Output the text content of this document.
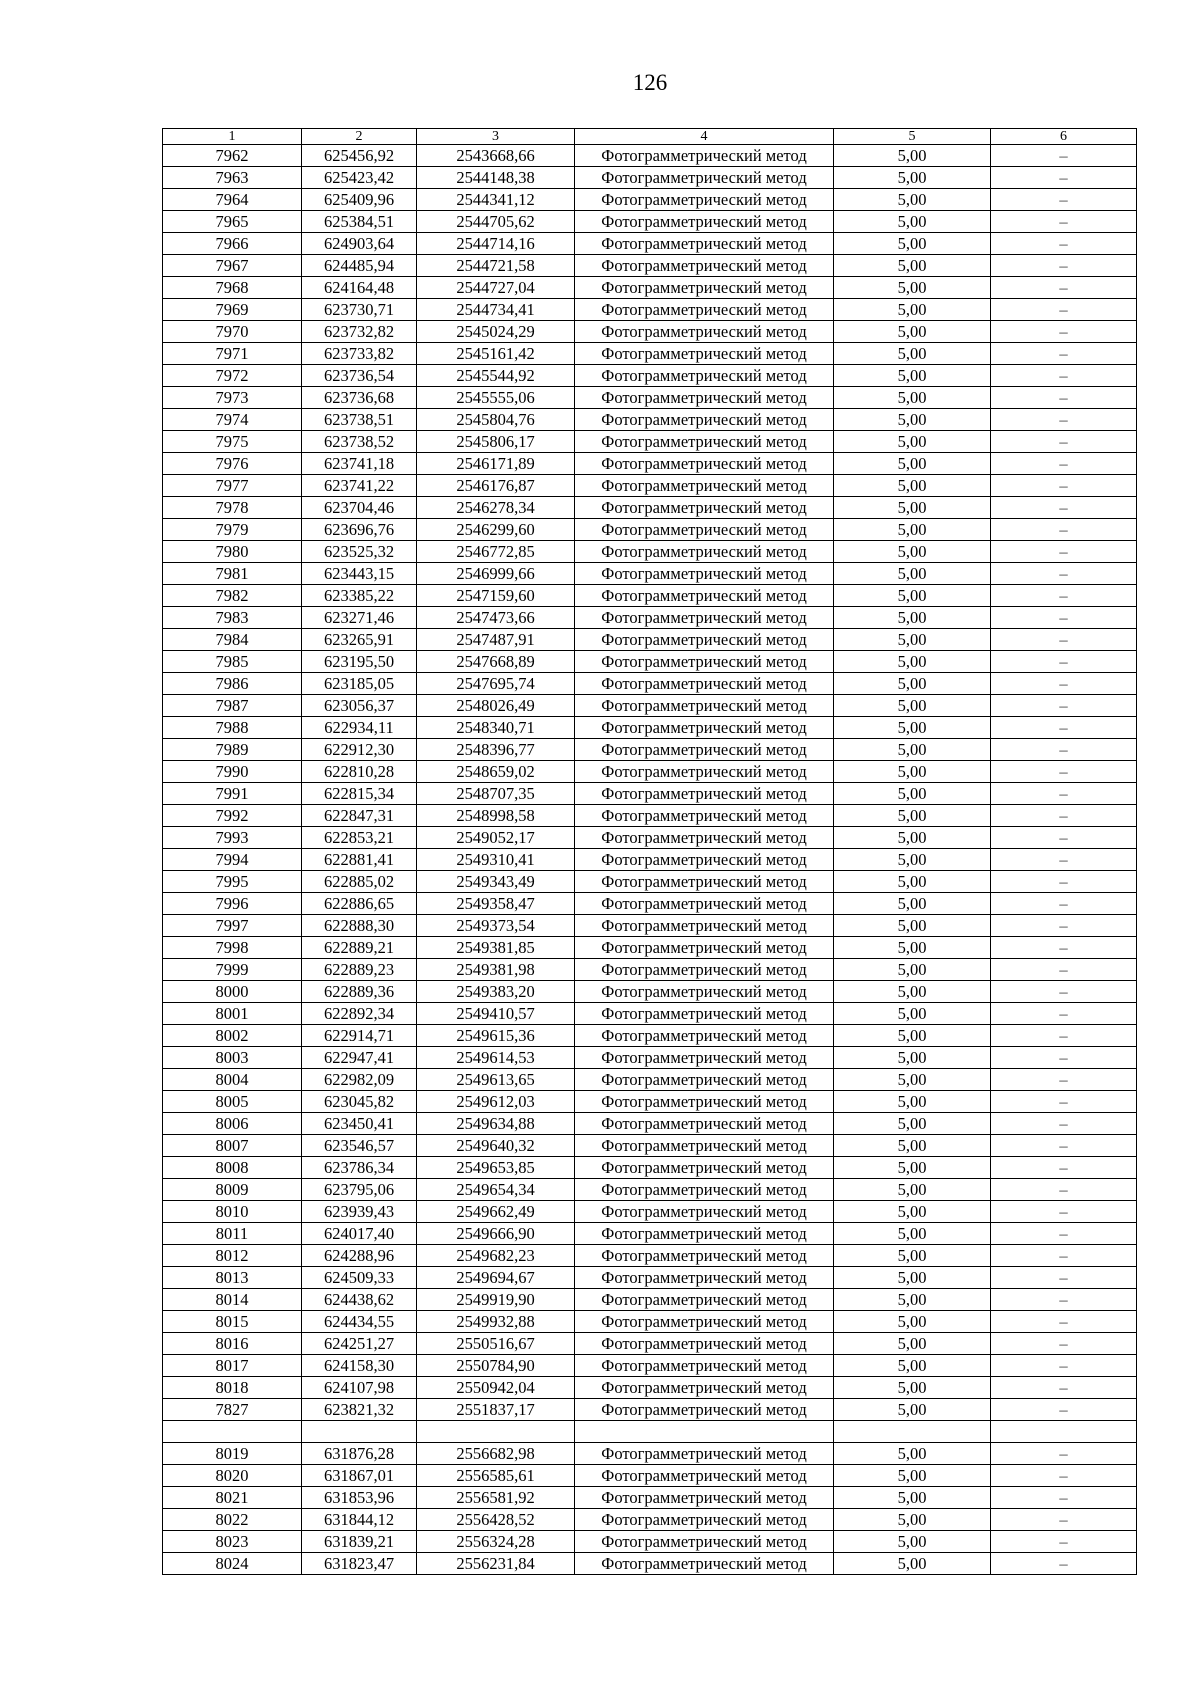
126
1	2	3	4	5	6
7962	625456,92	2543668,66	Фотограмметрический метод	5,00	–
7963	625423,42	2544148,38	Фотограмметрический метод	5,00	–
7964	625409,96	2544341,12	Фотограмметрический метод	5,00	–
7965	625384,51	2544705,62	Фотограмметрический метод	5,00	–
7966	624903,64	2544714,16	Фотограмметрический метод	5,00	–
7967	624485,94	2544721,58	Фотограмметрический метод	5,00	–
7968	624164,48	2544727,04	Фотограмметрический метод	5,00	–
7969	623730,71	2544734,41	Фотограмметрический метод	5,00	–
7970	623732,82	2545024,29	Фотограмметрический метод	5,00	–
7971	623733,82	2545161,42	Фотограмметрический метод	5,00	–
7972	623736,54	2545544,92	Фотограмметрический метод	5,00	–
7973	623736,68	2545555,06	Фотограмметрический метод	5,00	–
7974	623738,51	2545804,76	Фотограмметрический метод	5,00	–
7975	623738,52	2545806,17	Фотограмметрический метод	5,00	–
7976	623741,18	2546171,89	Фотограмметрический метод	5,00	–
7977	623741,22	2546176,87	Фотограмметрический метод	5,00	–
7978	623704,46	2546278,34	Фотограмметрический метод	5,00	–
7979	623696,76	2546299,60	Фотограмметрический метод	5,00	–
7980	623525,32	2546772,85	Фотограмметрический метод	5,00	–
7981	623443,15	2546999,66	Фотограмметрический метод	5,00	–
7982	623385,22	2547159,60	Фотограмметрический метод	5,00	–
7983	623271,46	2547473,66	Фотограмметрический метод	5,00	–
7984	623265,91	2547487,91	Фотограмметрический метод	5,00	–
7985	623195,50	2547668,89	Фотограмметрический метод	5,00	–
7986	623185,05	2547695,74	Фотограмметрический метод	5,00	–
7987	623056,37	2548026,49	Фотограмметрический метод	5,00	–
7988	622934,11	2548340,71	Фотограмметрический метод	5,00	–
7989	622912,30	2548396,77	Фотограмметрический метод	5,00	–
7990	622810,28	2548659,02	Фотограмметрический метод	5,00	–
7991	622815,34	2548707,35	Фотограмметрический метод	5,00	–
7992	622847,31	2548998,58	Фотограмметрический метод	5,00	–
7993	622853,21	2549052,17	Фотограмметрический метод	5,00	–
7994	622881,41	2549310,41	Фотограмметрический метод	5,00	–
7995	622885,02	2549343,49	Фотограмметрический метод	5,00	–
7996	622886,65	2549358,47	Фотограмметрический метод	5,00	–
7997	622888,30	2549373,54	Фотограмметрический метод	5,00	–
7998	622889,21	2549381,85	Фотограмметрический метод	5,00	–
7999	622889,23	2549381,98	Фотограмметрический метод	5,00	–
8000	622889,36	2549383,20	Фотограмметрический метод	5,00	–
8001	622892,34	2549410,57	Фотограмметрический метод	5,00	–
8002	622914,71	2549615,36	Фотограмметрический метод	5,00	–
8003	622947,41	2549614,53	Фотограмметрический метод	5,00	–
8004	622982,09	2549613,65	Фотограмметрический метод	5,00	–
8005	623045,82	2549612,03	Фотограмметрический метод	5,00	–
8006	623450,41	2549634,88	Фотограмметрический метод	5,00	–
8007	623546,57	2549640,32	Фотограмметрический метод	5,00	–
8008	623786,34	2549653,85	Фотограмметрический метод	5,00	–
8009	623795,06	2549654,34	Фотограмметрический метод	5,00	–
8010	623939,43	2549662,49	Фотограмметрический метод	5,00	–
8011	624017,40	2549666,90	Фотограмметрический метод	5,00	–
8012	624288,96	2549682,23	Фотограмметрический метод	5,00	–
8013	624509,33	2549694,67	Фотограмметрический метод	5,00	–
8014	624438,62	2549919,90	Фотограмметрический метод	5,00	–
8015	624434,55	2549932,88	Фотограмметрический метод	5,00	–
8016	624251,27	2550516,67	Фотограмметрический метод	5,00	–
8017	624158,30	2550784,90	Фотограмметрический метод	5,00	–
8018	624107,98	2550942,04	Фотограмметрический метод	5,00	–
7827	623821,32	2551837,17	Фотограмметрический метод	5,00	–

8019	631876,28	2556682,98	Фотограмметрический метод	5,00	–
8020	631867,01	2556585,61	Фотограмметрический метод	5,00	–
8021	631853,96	2556581,92	Фотограмметрический метод	5,00	–
8022	631844,12	2556428,52	Фотограмметрический метод	5,00	–
8023	631839,21	2556324,28	Фотограмметрический метод	5,00	–
8024	631823,47	2556231,84	Фотограмметрический метод	5,00	–
